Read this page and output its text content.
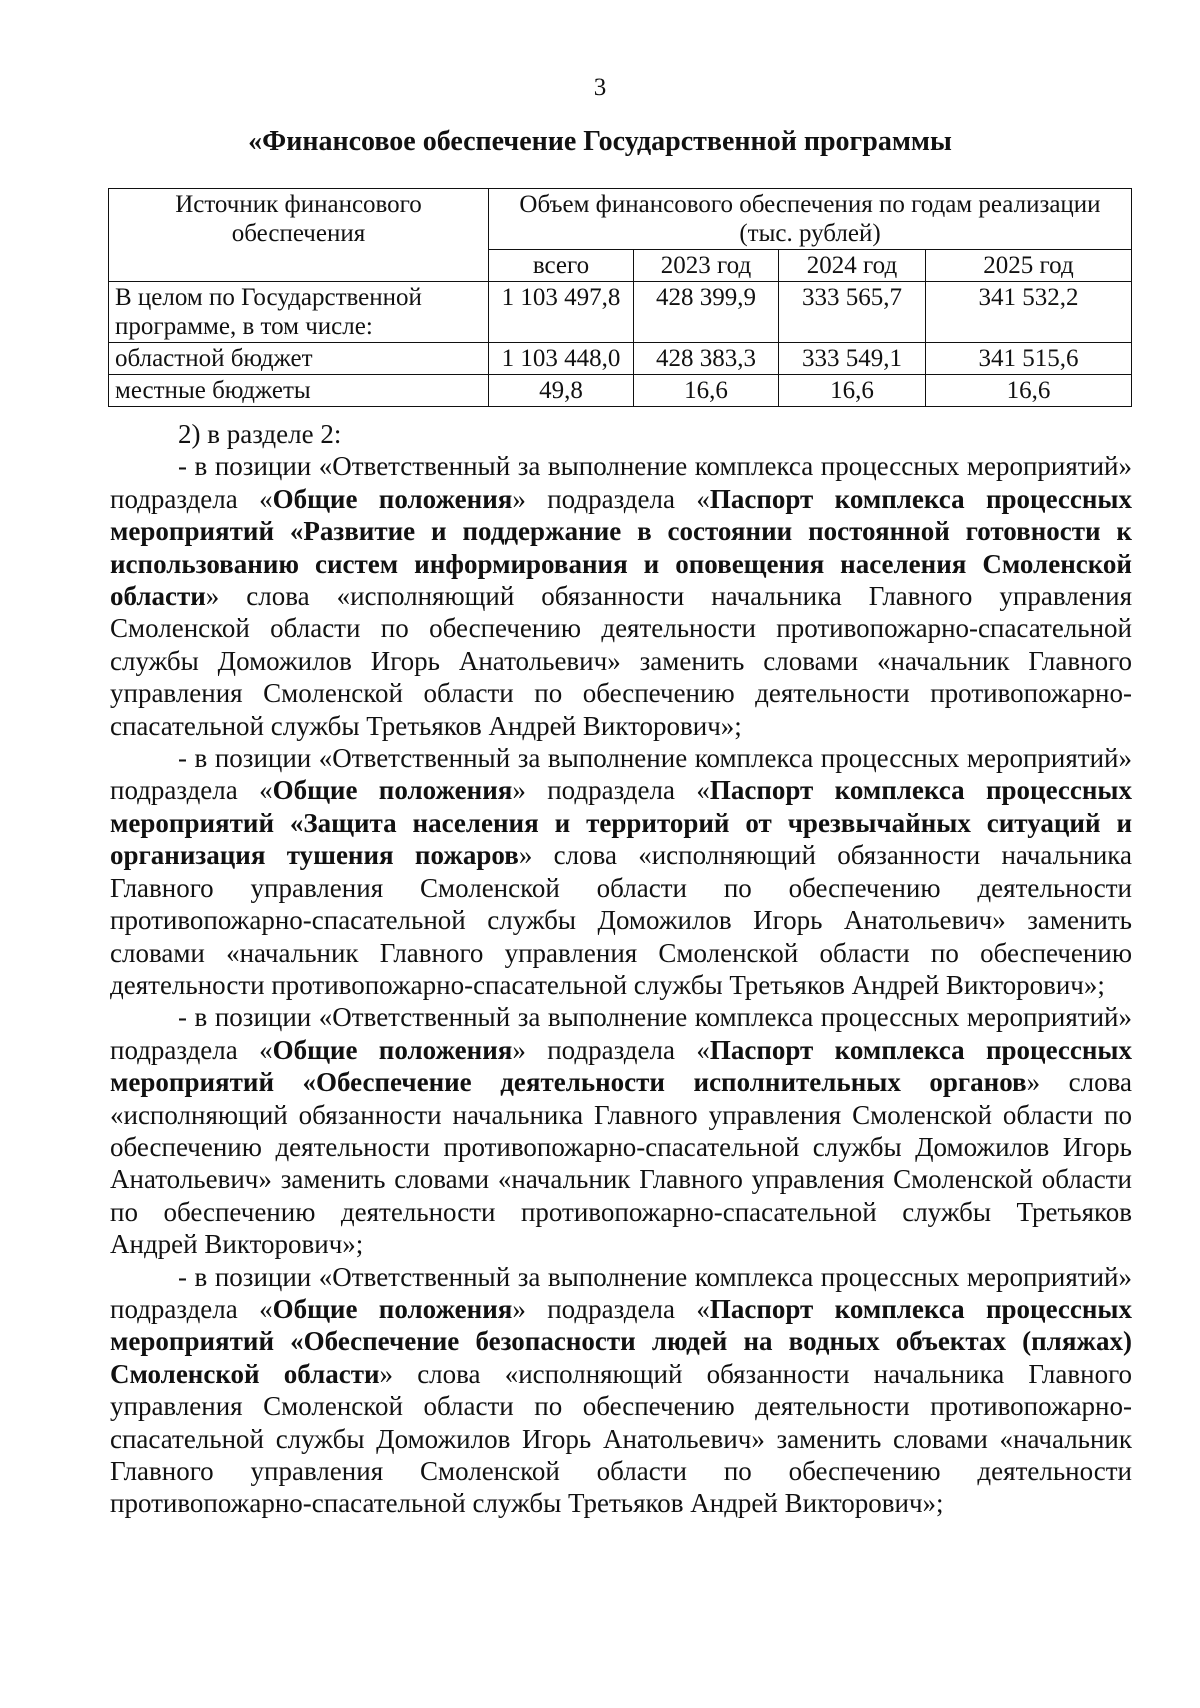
3
«Финансовое обеспечение Государственной программы
Источник финансового обеспечения	Объем финансового обеспечения по годам реализации (тыс. рублей)			
	всего	2023 год	2024 год	2025 год
В целом по Государственной программе, в том числе:	1 103 497,8	428 399,9	333 565,7	341 532,2
областной бюджет	1 103 448,0	428 383,3	333 549,1	341 515,6
местные бюджеты	49,8	16,6	16,6	16,6

2) в разделе 2:

- в позиции «Ответственный за выполнение комплекса процессных мероприятий» подраздела «Общие положения» подраздела «Паспорт комплекса процессных мероприятий «Развитие и поддержание в состоянии постоянной готовности к использованию систем информирования и оповещения населения Смоленской области» слова «исполняющий обязанности начальника Главного управления Смоленской области по обеспечению деятельности противопожарно-спасательной службы Доможилов Игорь Анатольевич» заменить словами «начальник Главного управления Смоленской области по обеспечению деятельности противопожарно-спасательной службы Третьяков Андрей Викторович»;

- в позиции «Ответственный за выполнение комплекса процессных мероприятий» подраздела «Общие положения» подраздела «Паспорт комплекса процессных мероприятий «Защита населения и территорий от чрезвычайных ситуаций и организация тушения пожаров» слова «исполняющий обязанности начальника Главного управления Смоленской области по обеспечению деятельности противопожарно-спасательной службы Доможилов Игорь Анатольевич» заменить словами «начальник Главного управления Смоленской области по обеспечению деятельности противопожарно-спасательной службы Третьяков Андрей Викторович»;

- в позиции «Ответственный за выполнение комплекса процессных мероприятий» подраздела «Общие положения» подраздела «Паспорт комплекса процессных мероприятий «Обеспечение деятельности исполнительных органов» слова «исполняющий обязанности начальника Главного управления Смоленской области по обеспечению деятельности противопожарно-спасательной службы Доможилов Игорь Анатольевич» заменить словами «начальник Главного управления Смоленской области по обеспечению деятельности противопожарно-спасательной службы Третьяков Андрей Викторович»;

- в позиции «Ответственный за выполнение комплекса процессных мероприятий» подраздела «Общие положения» подраздела «Паспорт комплекса процессных мероприятий «Обеспечение безопасности людей на водных объектах (пляжах) Смоленской области» слова «исполняющий обязанности начальника Главного управления Смоленской области по обеспечению деятельности противопожарно-спасательной службы Доможилов Игорь Анатольевич» заменить словами «начальник Главного управления Смоленской области по обеспечению деятельности противопожарно-спасательной службы Третьяков Андрей Викторович»;
